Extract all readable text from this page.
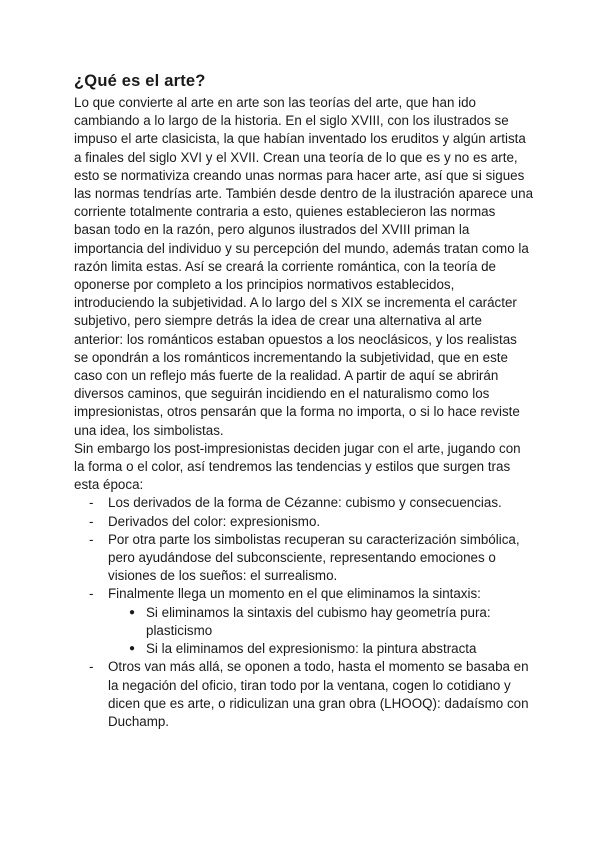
¿Qué es el arte?

Lo que convierte al arte en arte son las teorías del arte, que han ido cambiando a lo largo de la historia. En el siglo XVIII, con los ilustrados se impuso el arte clasicista, la que habían inventado los eruditos y algún artista a finales del siglo XVI y el XVII. Crean una teoría de lo que es y no es arte, esto se normativiza creando unas normas para hacer arte, así que si sigues las normas tendrías arte. También desde dentro de la ilustración aparece una corriente totalmente contraria a esto, quienes establecieron las normas basan todo en la razón, pero algunos ilustrados del XVIII priman la importancia del individuo y su percepción del mundo, además tratan como la razón limita estas. Así se creará la corriente romántica, con la teoría de oponerse por completo a los principios normativos establecidos, introduciendo la subjetividad. A lo largo del s XIX se incrementa el carácter subjetivo, pero siempre detrás la idea de crear una alternativa al arte anterior: los románticos estaban opuestos a los neoclásicos, y los realistas se opondrán a los románticos incrementando la subjetividad, que en este caso con un reflejo más fuerte de la realidad. A partir de aquí se abrirán diversos caminos, que seguirán incidiendo en el naturalismo como los impresionistas, otros pensarán que la forma no importa, o si lo hace reviste una idea, los simbolistas.

Sin embargo los post-impresionistas deciden jugar con el arte, jugando con la forma o el color, así tendremos las tendencias y estilos que surgen tras esta época:

- Los derivados de la forma de Cézanne: cubismo y consecuencias.
- Derivados del color: expresionismo.
- Por otra parte los simbolistas recuperan su caracterización simbólica, pero ayudándose del subconsciente, representando emociones o visiones de los sueños: el surrealismo.
- Finalmente llega un momento en el que eliminamos la sintaxis:
● Si eliminamos la sintaxis del cubismo hay geometría pura: plasticismo
● Si la eliminamos del expresionismo: la pintura abstracta
- Otros van más allá, se oponen a todo, hasta el momento se basaba en la negación del oficio, tiran todo por la ventana, cogen lo cotidiano y dicen que es arte, o ridiculizan una gran obra (LHOOQ): dadaísmo con Duchamp.
